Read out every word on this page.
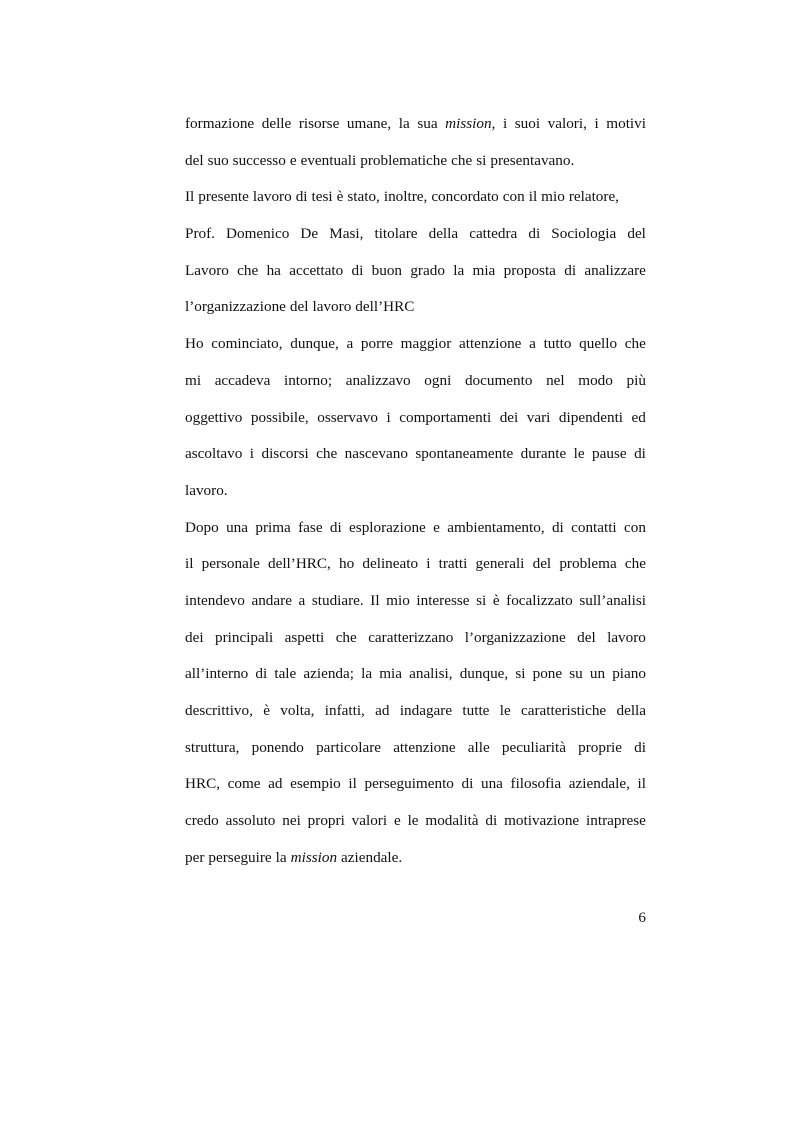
formazione delle risorse umane, la sua mission, i suoi valori, i motivi
del suo successo e eventuali problematiche che si presentavano.
Il presente lavoro di tesi è stato, inoltre, concordato con il mio relatore,
Prof. Domenico De Masi, titolare della cattedra di Sociologia del
Lavoro che ha accettato di buon grado la mia proposta di analizzare
l’organizzazione del lavoro dell’HRC
Ho cominciato, dunque, a porre maggior attenzione a tutto quello che
mi accadeva intorno; analizzavo ogni documento nel modo più
oggettivo possibile, osservavo i comportamenti dei vari dipendenti ed
ascoltavo i discorsi che nascevano spontaneamente durante le pause di
lavoro.
Dopo una prima fase di esplorazione e ambientamento, di contatti con
il personale dell’HRC, ho delineato i tratti generali del problema che
intendevo andare a studiare. Il mio interesse si è focalizzato sull’analisi
dei principali aspetti che caratterizzano l’organizzazione del lavoro
all’interno di tale azienda; la mia analisi, dunque, si pone su un piano
descrittivo, è volta, infatti, ad indagare tutte le caratteristiche della
struttura, ponendo particolare attenzione alle peculiarità proprie di
HRC, come ad esempio il perseguimento di una filosofia aziendale, il
credo assoluto nei propri valori e le modalità di motivazione intraprese
per perseguire la mission aziendale.
6
